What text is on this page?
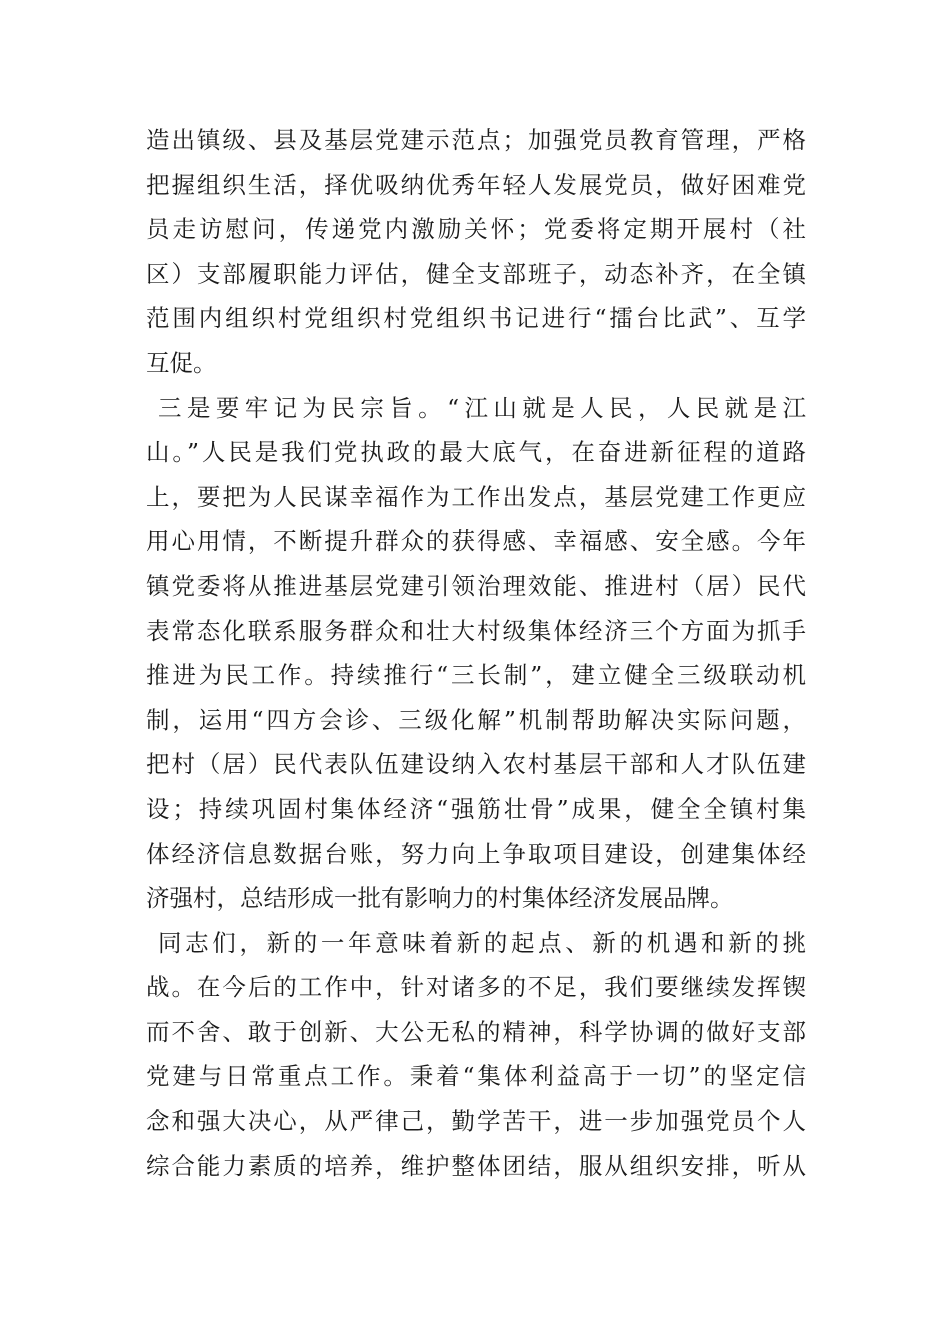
造出镇级、县及基层党建示范点；加强党员教育管理，严格
把握组织生活，择优吸纳优秀年轻人发展党员，做好困难党
员走访慰问，传递党内激励关怀；党委将定期开展村（社
区）支部履职能力评估，健全支部班子，动态补齐，在全镇
范围内组织村党组织村党组织书记进行“擂台比武”、互学
互促。
三是要牢记为民宗旨。“江山就是人民，人民就是江
山。”人民是我们党执政的最大底气，在奋进新征程的道路
上，要把为人民谋幸福作为工作出发点，基层党建工作更应
用心用情，不断提升群众的获得感、幸福感、安全感。今年
镇党委将从推进基层党建引领治理效能、推进村（居）民代
表常态化联系服务群众和壮大村级集体经济三个方面为抓手
推进为民工作。持续推行“三长制”，建立健全三级联动机
制，运用“四方会诊、三级化解”机制帮助解决实际问题，
把村（居）民代表队伍建设纳入农村基层干部和人才队伍建
设；持续巩固村集体经济“强筋壮骨”成果，健全全镇村集
体经济信息数据台账，努力向上争取项目建设，创建集体经
济强村，总结形成一批有影响力的村集体经济发展品牌。
同志们，新的一年意味着新的起点、新的机遇和新的挑
战。在今后的工作中，针对诸多的不足，我们要继续发挥锲
而不舍、敢于创新、大公无私的精神，科学协调的做好支部
党建与日常重点工作。秉着“集体利益高于一切”的坚定信
念和强大决心，从严律己，勤学苦干，进一步加强党员个人
综合能力素质的培养，维护整体团结，服从组织安排，听从
